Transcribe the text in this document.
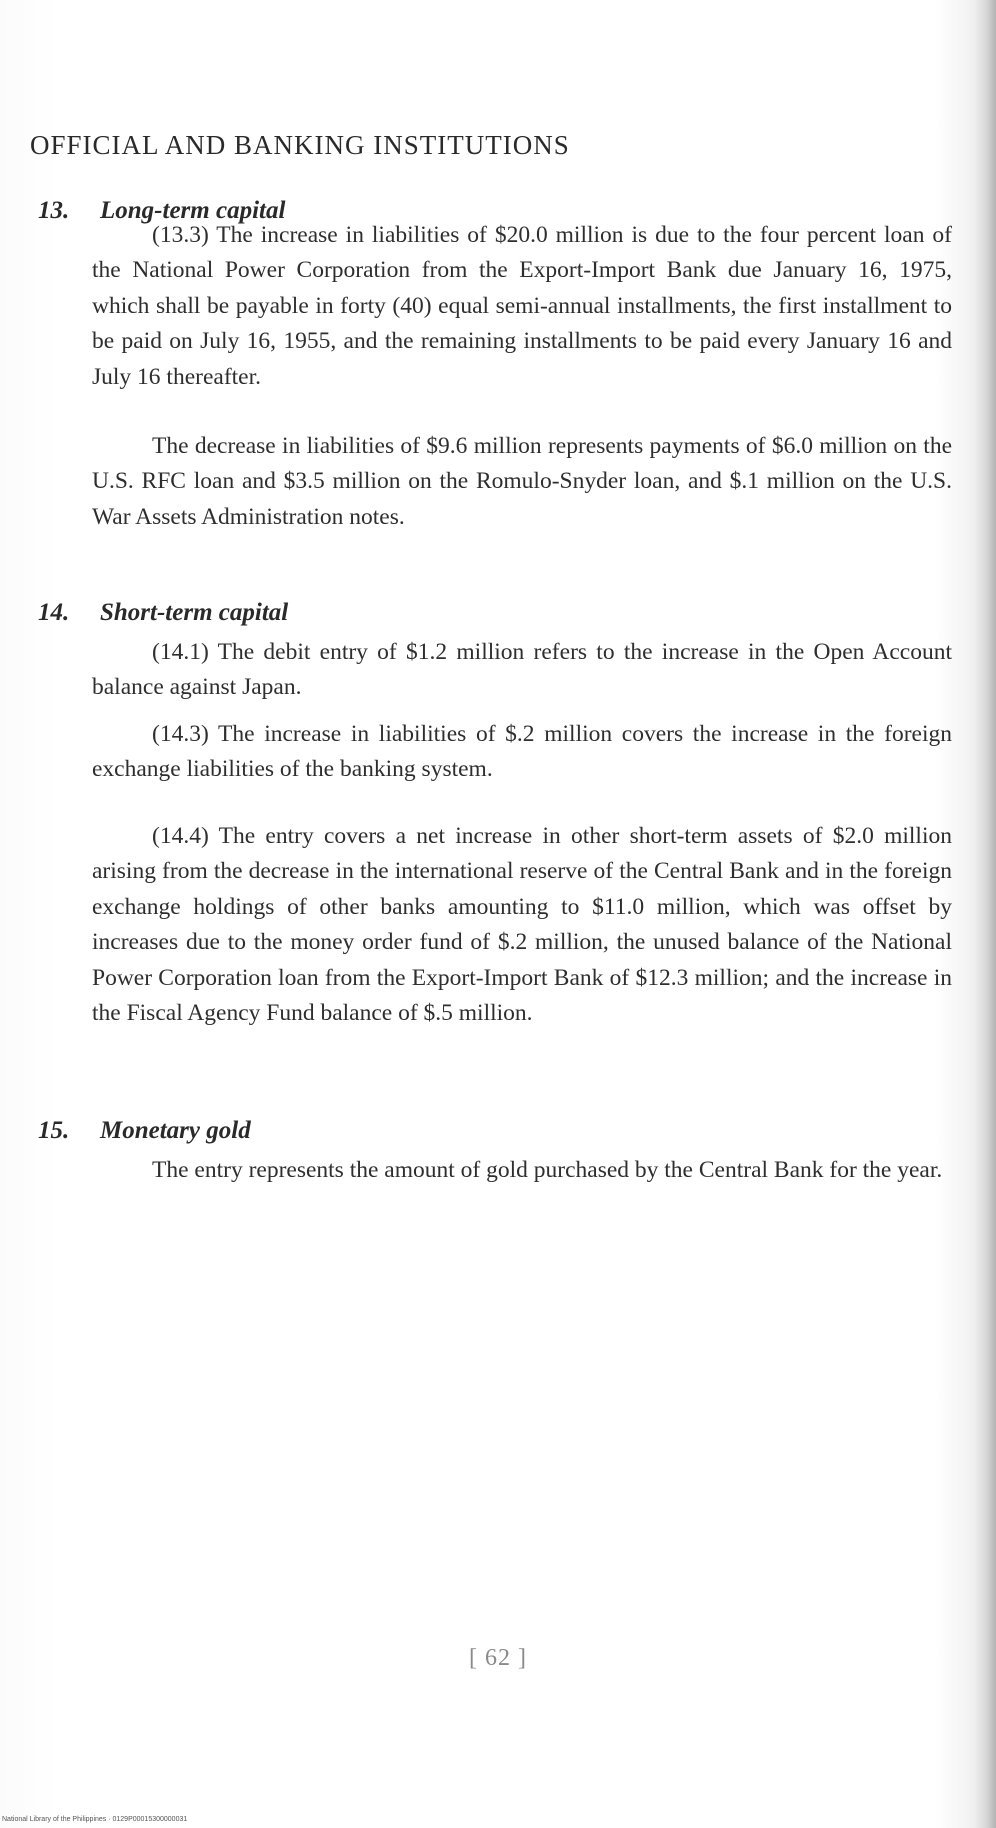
OFFICIAL AND BANKING INSTITUTIONS
13. Long-term capital

(13.3) The increase in liabilities of $20.0 million is due to the four percent loan of the National Power Corporation from the Export-Import Bank due January 16, 1975, which shall be payable in forty (40) equal semi-annual installments, the first installment to be paid on July 16, 1955, and the remaining installments to be paid every January 16 and July 16 thereafter.

The decrease in liabilities of $9.6 million represents payments of $6.0 million on the U.S. RFC loan and $3.5 million on the Romulo-Snyder loan, and $.1 million on the U.S. War Assets Administration notes.

14. Short-term capital

(14.1) The debit entry of $1.2 million refers to the increase in the Open Account balance against Japan.

(14.3) The increase in liabilities of $.2 million covers the increase in the foreign exchange liabilities of the banking system.

(14.4) The entry covers a net increase in other short-term assets of $2.0 million arising from the decrease in the international reserve of the Central Bank and in the foreign exchange holdings of other banks amounting to $11.0 million, which was offset by increases due to the money order fund of $.2 million, the unused balance of the National Power Corporation loan from the Export-Import Bank of $12.3 million; and the increase in the Fiscal Agency Fund balance of $.5 million.

15. Monetary gold

The entry represents the amount of gold purchased by the Central Bank for the year.

[ 62 ]
National Library of the Philippines · 0129P00015300000031
